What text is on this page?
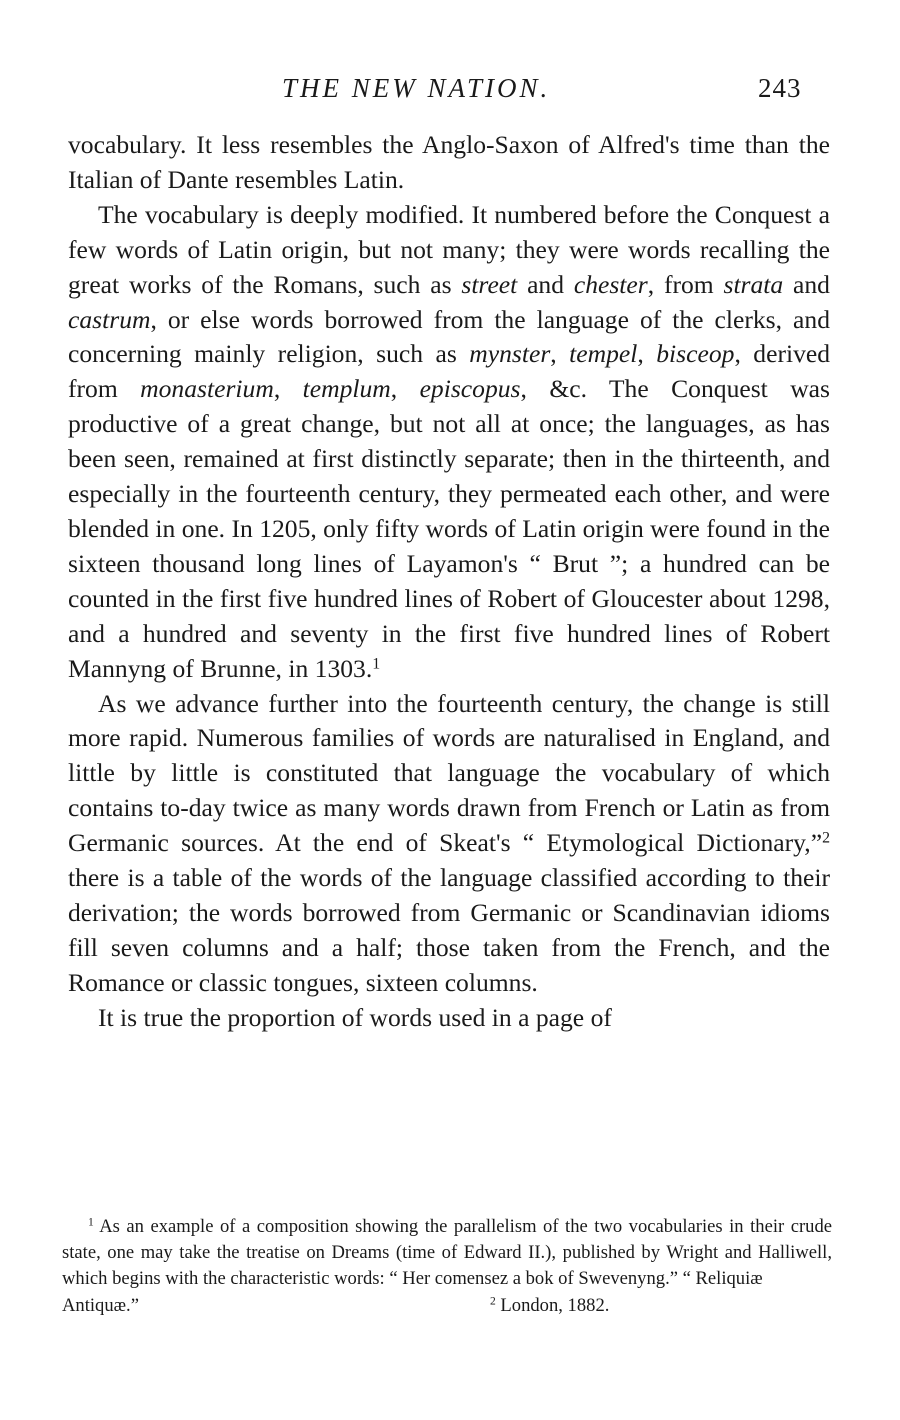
THE NEW NATION.	243

vocabulary. It less resembles the Anglo-Saxon of Alfred's time than the Italian of Dante resembles Latin.

The vocabulary is deeply modified. It numbered before the Conquest a few words of Latin origin, but not many; they were words recalling the great works of the Romans, such as street and chester, from strata and castrum, or else words borrowed from the language of the clerks, and concerning mainly religion, such as mynster, tempel, bisceop, derived from monasterium, templum, episcopus, &c. The Conquest was productive of a great change, but not all at once; the languages, as has been seen, remained at first distinctly separate; then in the thirteenth, and especially in the fourteenth century, they permeated each other, and were blended in one. In 1205, only fifty words of Latin origin were found in the sixteen thousand long lines of Layamon's “ Brut ”; a hundred can be counted in the first five hundred lines of Robert of Gloucester about 1298, and a hundred and seventy in the first five hundred lines of Robert Mannyng of Brunne, in 1303.$^1$

As we advance further into the fourteenth century, the change is still more rapid. Numerous families of words are naturalised in England, and little by little is constituted that language the vocabulary of which contains to-day twice as many words drawn from French or Latin as from Germanic sources. At the end of Skeat's “ Etymological Dictionary,”$^2$ there is a table of the words of the language classified according to their derivation; the words borrowed from Germanic or Scandinavian idioms fill seven columns and a half; those taken from the French, and the Romance or classic tongues, sixteen columns.

It is true the proportion of words used in a page of

$^1$ As an example of a composition showing the parallelism of the two vocabularies in their crude state, one may take the treatise on Dreams (time of Edward II.), published by Wright and Halliwell, which begins with the characteristic words: “ Her comensez a bok of Swevenyng.” “ Reliquiæ

Antiquæ.”	$^2$ London, 1882.
